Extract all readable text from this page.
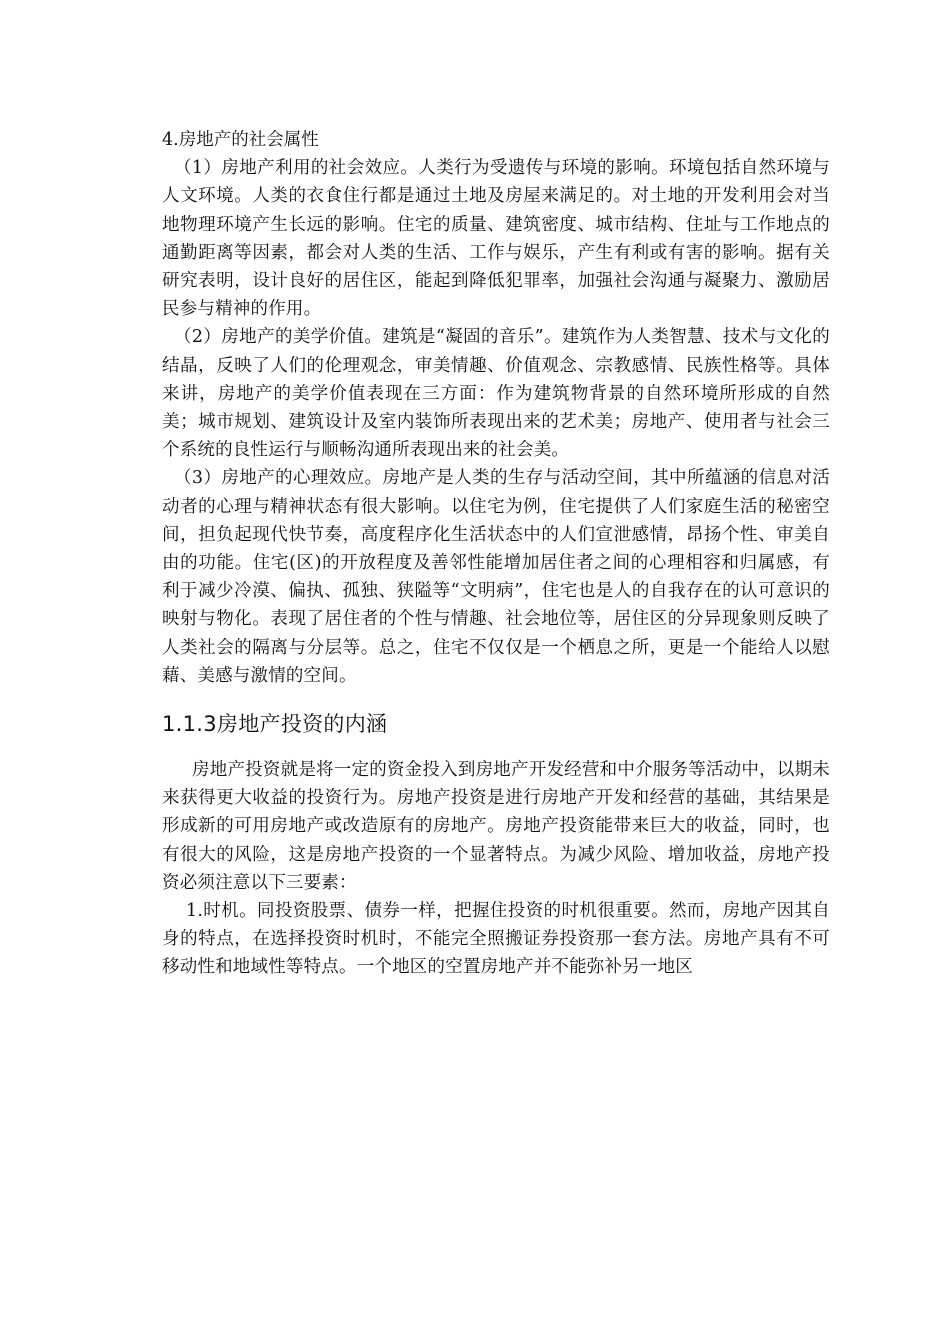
4.房地产的社会属性

（1）房地产利用的社会效应。人类行为受遗传与环境的影响。环境包括自然环境与人文环境。人类的衣食住行都是通过土地及房屋来满足的。对土地的开发利用会对当地物理环境产生长远的影响。住宅的质量、建筑密度、城市结构、住址与工作地点的通勤距离等因素，都会对人类的生活、工作与娱乐，产生有利或有害的影响。据有关研究表明，设计良好的居住区，能起到降低犯罪率，加强社会沟通与凝聚力、激励居民参与精神的作用。

（2）房地产的美学价值。建筑是“凝固的音乐”。建筑作为人类智慧、技术与文化的结晶，反映了人们的伦理观念，审美情趣、价值观念、宗教感情、民族性格等。具体来讲，房地产的美学价值表现在三方面：作为建筑物背景的自然环境所形成的自然美；城市规划、建筑设计及室内装饰所表现出来的艺术美；房地产、使用者与社会三个系统的良性运行与顺畅沟通所表现出来的社会美。

（3）房地产的心理效应。房地产是人类的生存与活动空间，其中所蕴涵的信息对活动者的心理与精神状态有很大影响。以住宅为例，住宅提供了人们家庭生活的秘密空间，担负起现代快节奏，高度程序化生活状态中的人们宣泄感情，昂扬个性、审美自由的功能。住宅(区)的开放程度及善邻性能增加居住者之间的心理相容和归属感，有利于减少冷漠、偏执、孤独、狭隘等“文明病”，住宅也是人的自我存在的认可意识的映射与物化。表现了居住者的个性与情趣、社会地位等，居住区的分异现象则反映了人类社会的隔离与分层等。总之，住宅不仅仅是一个栖息之所，更是一个能给人以慰藉、美感与激情的空间。

1.1.3房地产投资的内涵

房地产投资就是将一定的资金投入到房地产开发经营和中介服务等活动中，以期未来获得更大收益的投资行为。房地产投资是进行房地产开发和经营的基础，其结果是形成新的可用房地产或改造原有的房地产。房地产投资能带来巨大的收益，同时，也有很大的风险，这是房地产投资的一个显著特点。为减少风险、增加收益，房地产投资必须注意以下三要素：

1.时机。同投资股票、债券一样，把握住投资的时机很重要。然而，房地产因其自身的特点，在选择投资时机时，不能完全照搬证券投资那一套方法。房地产具有不可移动性和地域性等特点。一个地区的空置房地产并不能弥补另一地区
